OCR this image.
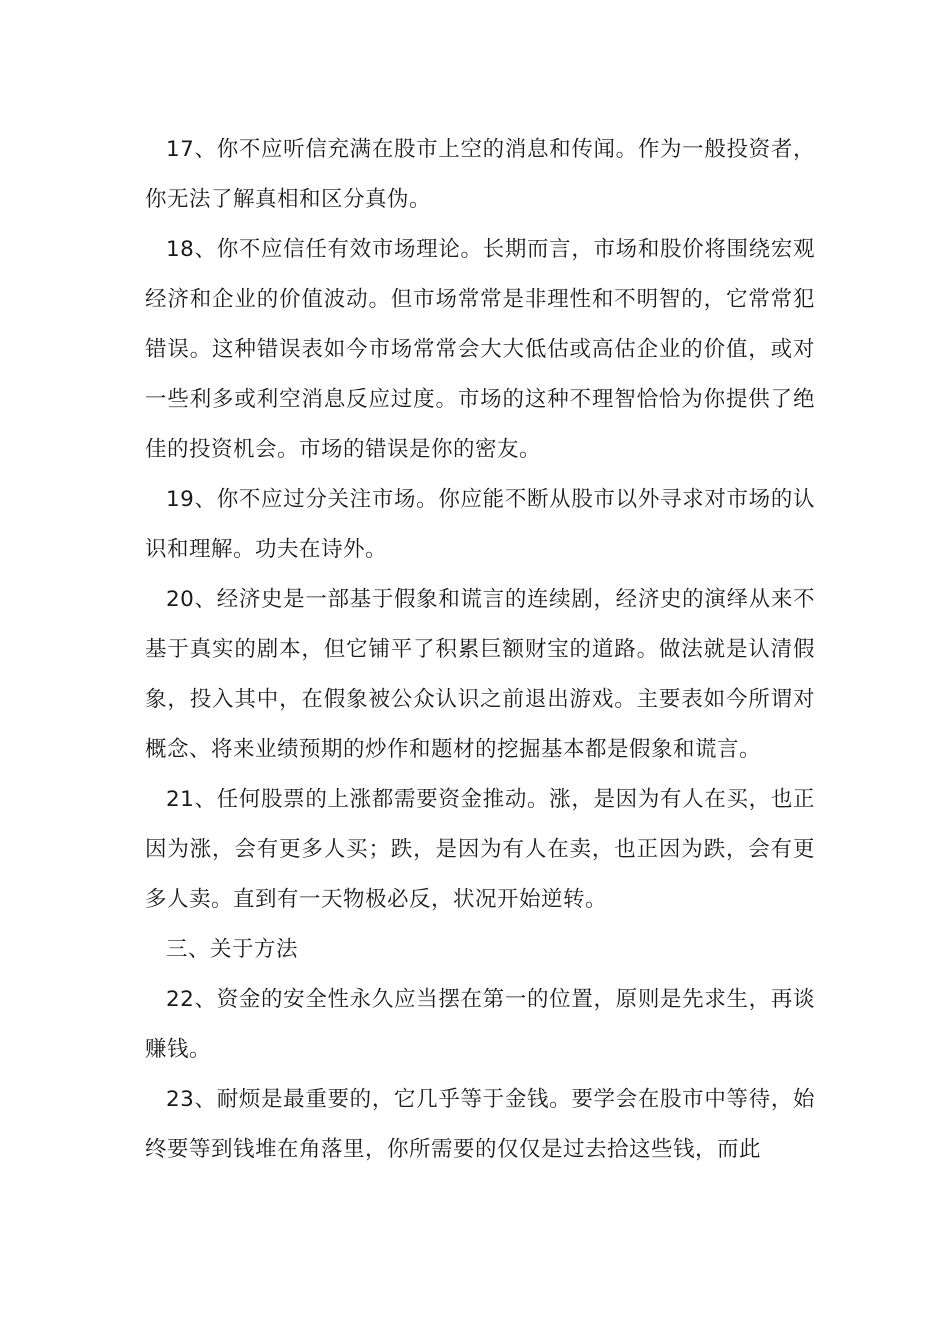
17、你不应听信充满在股市上空的消息和传闻。作为一般投资者，你无法了解真相和区分真伪。

18、你不应信任有效市场理论。长期而言，市场和股价将围绕宏观经济和企业的价值波动。但市场常常是非理性和不明智的，它常常犯错误。这种错误表如今市场常常会大大低估或高估企业的价值，或对一些利多或利空消息反应过度。市场的这种不理智恰恰为你提供了绝佳的投资机会。市场的错误是你的密友。

19、你不应过分关注市场。你应能不断从股市以外寻求对市场的认识和理解。功夫在诗外。

20、经济史是一部基于假象和谎言的连续剧，经济史的演绎从来不基于真实的剧本，但它铺平了积累巨额财宝的道路。做法就是认清假象，投入其中，在假象被公众认识之前退出游戏。主要表如今所谓对概念、将来业绩预期的炒作和题材的挖掘基本都是假象和谎言。

21、任何股票的上涨都需要资金推动。涨，是因为有人在买，也正因为涨，会有更多人买；跌，是因为有人在卖，也正因为跌，会有更多人卖。直到有一天物极必反，状况开始逆转。

三、关于方法

22、资金的安全性永久应当摆在第一的位置，原则是先求生，再谈赚钱。

23、耐烦是最重要的，它几乎等于金钱。要学会在股市中等待，始终要等到钱堆在角落里，你所需要的仅仅是过去拾这些钱，而此
